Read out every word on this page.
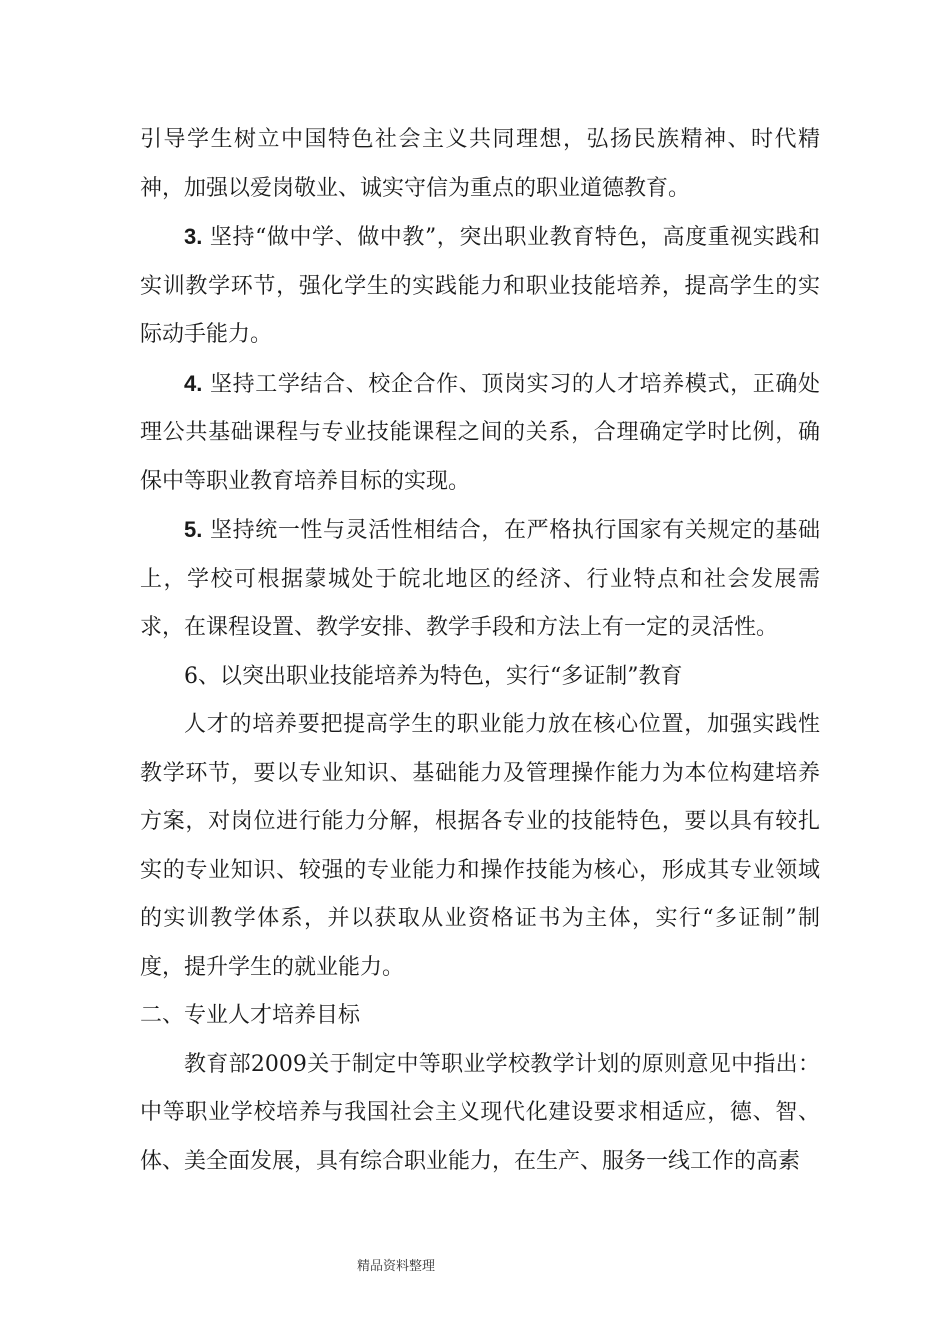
引导学生树立中国特色社会主义共同理想，弘扬民族精神、时代精神，加强以爱岗敬业、诚实守信为重点的职业道德教育。

3. 坚持“做中学、做中教”，突出职业教育特色，高度重视实践和实训教学环节，强化学生的实践能力和职业技能培养，提高学生的实际动手能力。

4. 坚持工学结合、校企合作、顶岗实习的人才培养模式，正确处理公共基础课程与专业技能课程之间的关系，合理确定学时比例，确保中等职业教育培养目标的实现。

5. 坚持统一性与灵活性相结合，在严格执行国家有关规定的基础上，学校可根据蒙城处于皖北地区的经济、行业特点和社会发展需求，在课程设置、教学安排、教学手段和方法上有一定的灵活性。

6、以突出职业技能培养为特色，实行“多证制”教育

人才的培养要把提高学生的职业能力放在核心位置，加强实践性教学环节，要以专业知识、基础能力及管理操作能力为本位构建培养方案，对岗位进行能力分解，根据各专业的技能特色，要以具有较扎实的专业知识、较强的专业能力和操作技能为核心，形成其专业领域的实训教学体系，并以获取从业资格证书为主体，实行“多证制”制度，提升学生的就业能力。

二、专业人才培养目标

教育部2009关于制定中等职业学校教学计划的原则意见中指出：中等职业学校培养与我国社会主义现代化建设要求相适应，德、智、体、美全面发展，具有综合职业能力，在生产、服务一线工作的高素

精品资料整理
